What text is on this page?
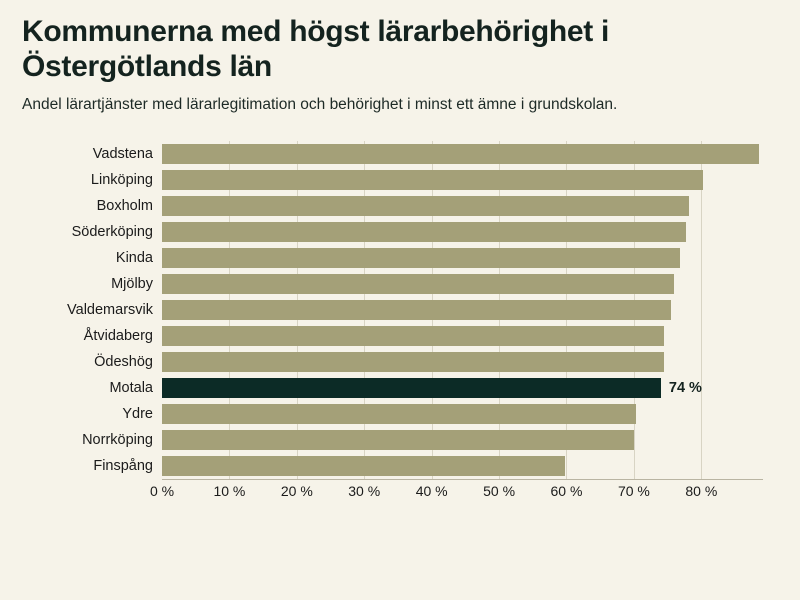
Kommunerna med högst lärarbehörighet i Östergötlands län

Andel lärartjänster med lärarlegitimation och behörighet i minst ett ämne i grundskolan.

Vadstena
Linköping
Boxholm
Söderköping
Kinda
Mjölby
Valdemarsvik
Åtvidaberg
Ödeshög
Motala	74 %
Ydre
Norrköping
Finspång
0 %	10 %	20 %	30 %	40 %	50 %	60 %	70 %	80 %
